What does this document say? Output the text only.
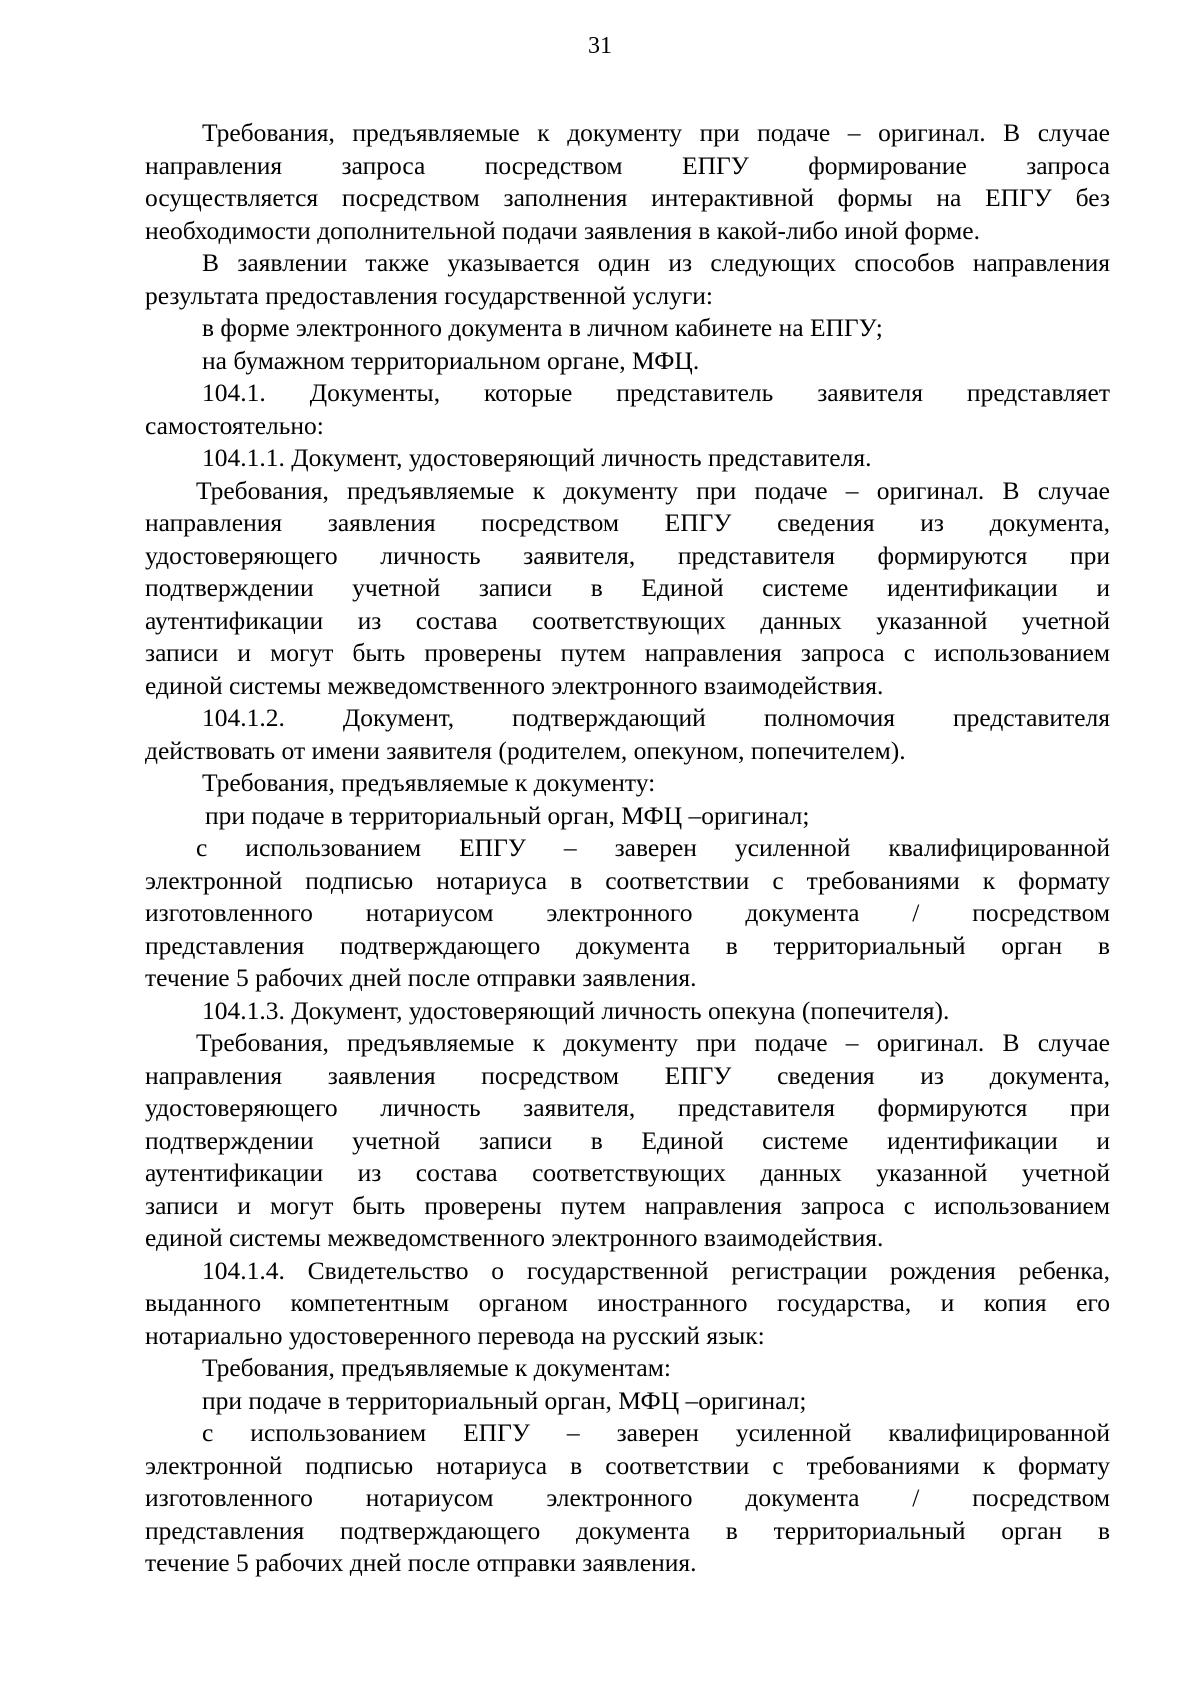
31
Требования, предъявляемые к документу при подаче – оригинал. В случае
направления запроса посредством ЕПГУ формирование запроса
осуществляется посредством заполнения интерактивной формы на ЕПГУ без
необходимости дополнительной подачи заявления в какой-либо иной форме.
В заявлении также указывается один из следующих способов направления
результата предоставления государственной услуги:
в форме электронного документа в личном кабинете на ЕПГУ;
на бумажном территориальном органе, МФЦ.
104.1. Документы, которые представитель заявителя представляет
самостоятельно:
104.1.1. Документ, удостоверяющий личность представителя.
Требования, предъявляемые к документу при подаче – оригинал. В случае
направления заявления посредством ЕПГУ сведения из документа,
удостоверяющего личность заявителя, представителя формируются при
подтверждении учетной записи в Единой системе идентификации и
аутентификации из состава соответствующих данных указанной учетной
записи и могут быть проверены путем направления запроса с использованием
единой системы межведомственного электронного взаимодействия.
104.1.2. Документ, подтверждающий полномочия представителя
действовать от имени заявителя (родителем, опекуном, попечителем).
Требования, предъявляемые к документу:
при подаче в территориальный орган, МФЦ –оригинал;
с использованием ЕПГУ – заверен усиленной квалифицированной
электронной подписью нотариуса в соответствии с требованиями к формату
изготовленного нотариусом электронного документа / посредством
представления подтверждающего документа в территориальный орган в
течение 5 рабочих дней после отправки заявления.
104.1.3. Документ, удостоверяющий личность опекуна (попечителя).
Требования, предъявляемые к документу при подаче – оригинал. В случае
направления заявления посредством ЕПГУ сведения из документа,
удостоверяющего личность заявителя, представителя формируются при
подтверждении учетной записи в Единой системе идентификации и
аутентификации из состава соответствующих данных указанной учетной
записи и могут быть проверены путем направления запроса с использованием
единой системы межведомственного электронного взаимодействия.
104.1.4. Свидетельство о государственной регистрации рождения ребенка,
выданного компетентным органом иностранного государства, и копия его
нотариально удостоверенного перевода на русский язык:
Требования, предъявляемые к документам:
при подаче в территориальный орган, МФЦ –оригинал;
с использованием ЕПГУ – заверен усиленной квалифицированной
электронной подписью нотариуса в соответствии с требованиями к формату
изготовленного нотариусом электронного документа / посредством
представления подтверждающего документа в территориальный орган в
течение 5 рабочих дней после отправки заявления.
